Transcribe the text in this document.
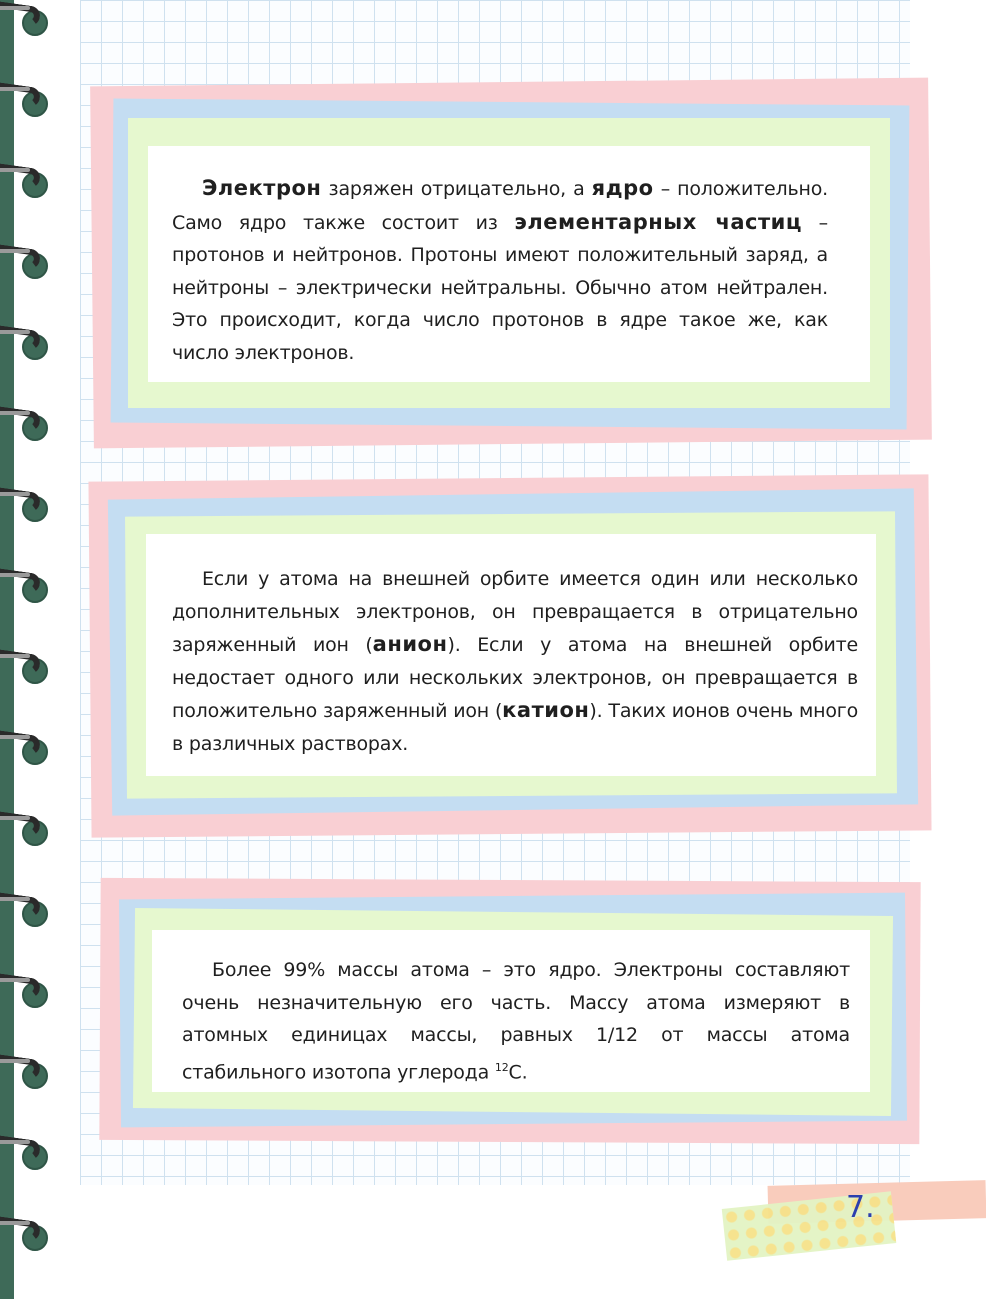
Электрон заряжен отрицательно, а ядро – положительно. Само ядро также состоит из элементарных частиц – протонов и нейтронов. Протоны имеют положительный заряд, а нейтроны – электрически нейтральны. Обычно атом нейтрален. Это происходит, когда число протонов в ядре такое же, как число электронов.

Если у атома на внешней орбите имеется один или несколько дополнительных электронов, он превращается в отрицательно заряженный ион (анион). Если у атома на внешней орбите недостает одного или нескольких электронов, он превращается в положительно заряженный ион (катион). Таких ионов очень много в различных растворах.

Более 99% массы атома – это ядро. Электроны составляют очень незначительную его часть. Массу атома измеряют в атомных единицах массы, равных 1/12 от массы атома стабильного изотопа углерода $^{12}$C.

7.
